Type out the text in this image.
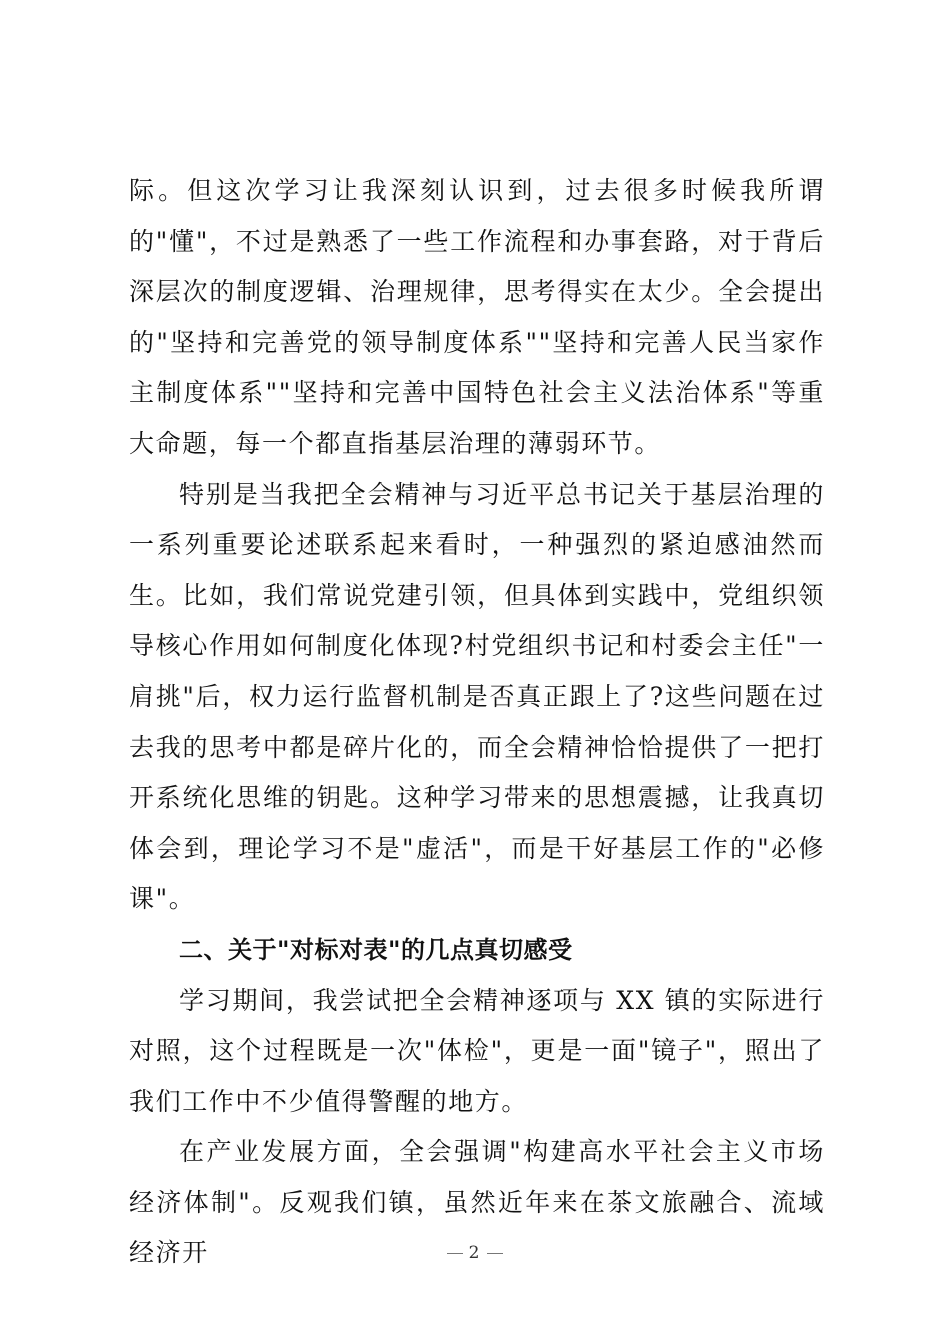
际。但这次学习让我深刻认识到，过去很多时候我所谓的"懂"，不过是熟悉了一些工作流程和办事套路，对于背后深层次的制度逻辑、治理规律，思考得实在太少。全会提出的"坚持和完善党的领导制度体系""坚持和完善人民当家作主制度体系""坚持和完善中国特色社会主义法治体系"等重大命题，每一个都直指基层治理的薄弱环节。

特别是当我把全会精神与习近平总书记关于基层治理的一系列重要论述联系起来看时，一种强烈的紧迫感油然而生。比如，我们常说党建引领，但具体到实践中，党组织领导核心作用如何制度化体现?村党组织书记和村委会主任"一肩挑"后，权力运行监督机制是否真正跟上了?这些问题在过去我的思考中都是碎片化的，而全会精神恰恰提供了一把打开系统化思维的钥匙。这种学习带来的思想震撼，让我真切体会到，理论学习不是"虚活"，而是干好基层工作的"必修课"。

二、关于"对标对表"的几点真切感受

学习期间，我尝试把全会精神逐项与 XX 镇的实际进行对照，这个过程既是一次"体检"，更是一面"镜子"，照出了我们工作中不少值得警醒的地方。

在产业发展方面，全会强调"构建高水平社会主义市场经济体制"。反观我们镇，虽然近年来在茶文旅融合、流域经济开	2
